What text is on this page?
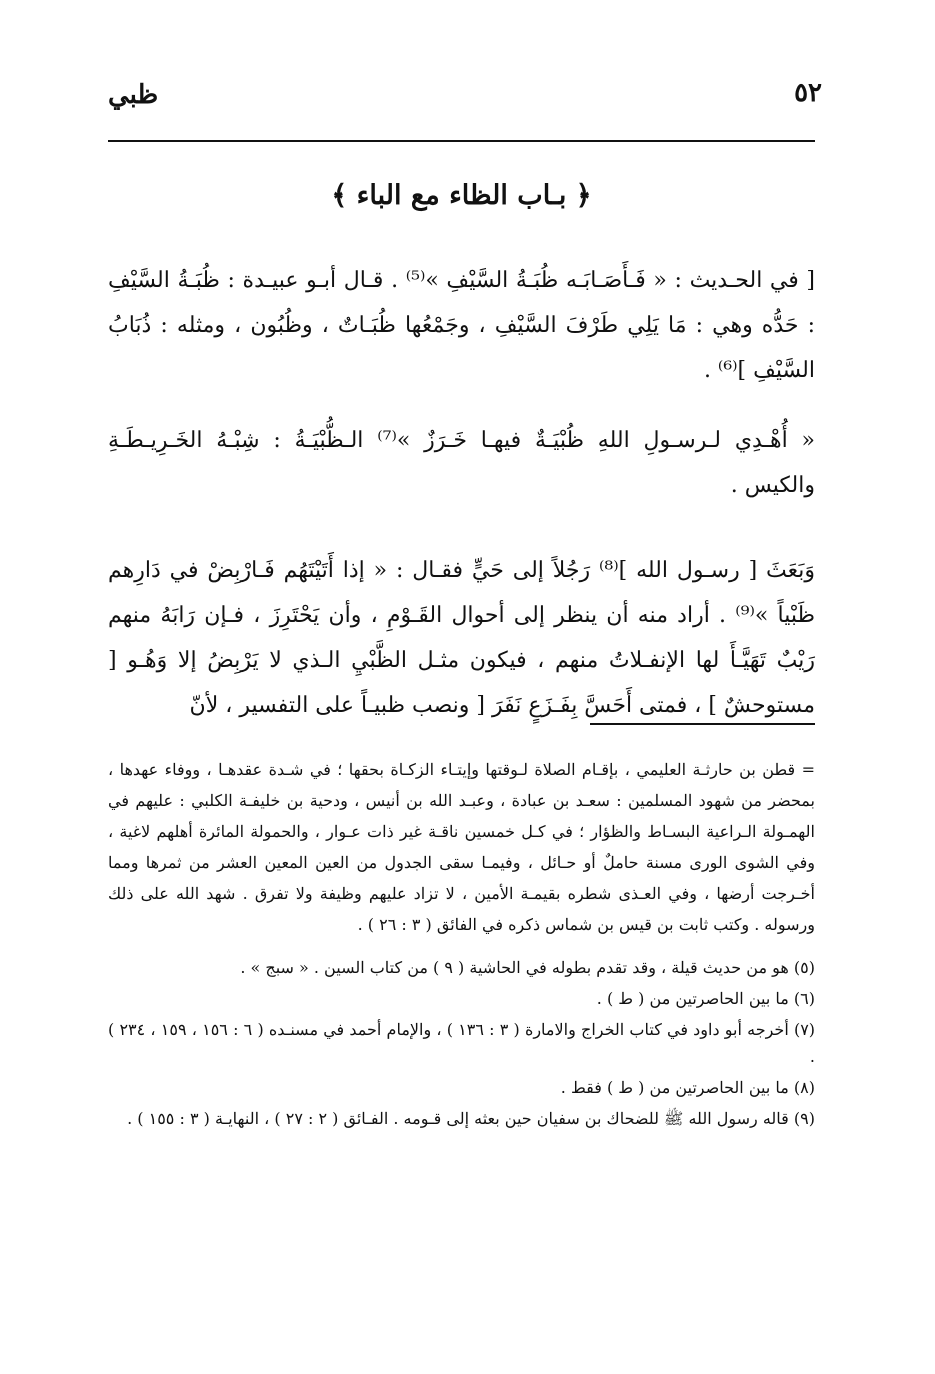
٥٢
ظبي
﴿ بـاب الظاء مع الباء ﴾
[ في الحـديث : « فَـأَصَـابَـه ظُبَـةُ السَّيْفِ »⁽⁵⁾ . قـال أبـو عبيـدة : ظُبَـةُ السَّيْفِ : حَدُّه وهي : مَا يَلِي طَرْفَ السَّيْفِ ، وجَمْعُها ظُبَـاتٌ ، وظُبُون ، ومثله : ذُبَابُ السَّيْفِ ]⁽⁶⁾ .
« أُهْـدِي لـرسـولِ اللهِ ظُبْيَـةٌ فيهـا خَـرَزٌ »⁽⁷⁾ الـظُّبْيَـةُ : شِبْـهُ الخَـرِيـطَـةِ والكيس .
وَبَعَثَ [ رسـول الله ]⁽⁸⁾ رَجُلاً إلى حَيٍّ فقـال : « إذا أَتَيْتَهُم فَـارْبِضْ في دَارِهم ظَبْياً »⁽⁹⁾ . أراد منه أن ينظر إلى أحوال القَـوْمِ ، وأن يَحْتَرِزَ ، فـإن رَابَهُ منهم رَيْبٌ تَهَيَّـأَ لها الإنفـلاتُ منهم ، فيكون مثـل الظَّبْيِ الـذي لا يَرْبِضُ إلا وَهُـو [ مستوحشٌ ] ، فمتى أَحَسَّ بِفَـزَعٍ نَفَرَ [ ونصب ظبيـاً على التفسير ، لأنّ
= قطن بن حارثـة العليمي ، بإقـام الصلاة لـوقتها وإيتـاء الزكـاة بحقها ؛ في شـدة عقدهـا ، ووفاء عهدها ، بمحضر من شهود المسلمين : سعـد بن عبادة ، وعبـد الله بن أنيس ، ودحية بن خليفـة الكلبي : عليهم في الهمـولة الـراعية البسـاط والظؤار ؛ في كـل خمسين ناقـة غير ذات عـوار ، والحمولة المائرة أهلهم لاغية ، وفي الشوى الورى مسنة حاملٌ أو حـائل ، وفيمـا سقى الجدول من العين المعين العشر من ثمرها ومما أخـرجت أرضها ، وفي العـذى شطره بقيمـة الأمين ، لا تزاد عليهم وظيفة ولا تفرق . شهد الله على ذلك ورسوله . وكتب ثابت بن قيس بن شماس ذكره في الفائق ( ٣ : ٢٦ ) .
(٥) هو من حديث قيلة ، وقد تقدم بطوله في الحاشية ( ٩ ) من كتاب السين . « سبج » .
(٦) ما بين الحاصرتين من ( ط ) .
(٧) أخرجه أبو داود في كتاب الخراج والامارة ( ٣ : ١٣٦ ) ، والإمام أحمد في مسنـده ( ٦ : ١٥٦ ، ١٥٩ ، ٢٣٤ ) .
(٨) ما بين الحاصرتين من ( ط ) فقط .
(٩) قاله رسول الله ﷺ للضحاك بن سفيان حين بعثه إلى قـومه . الفـائق ( ٢ : ٢٧ ) ، النهايـة ( ٣ : ١٥٥ ) .
